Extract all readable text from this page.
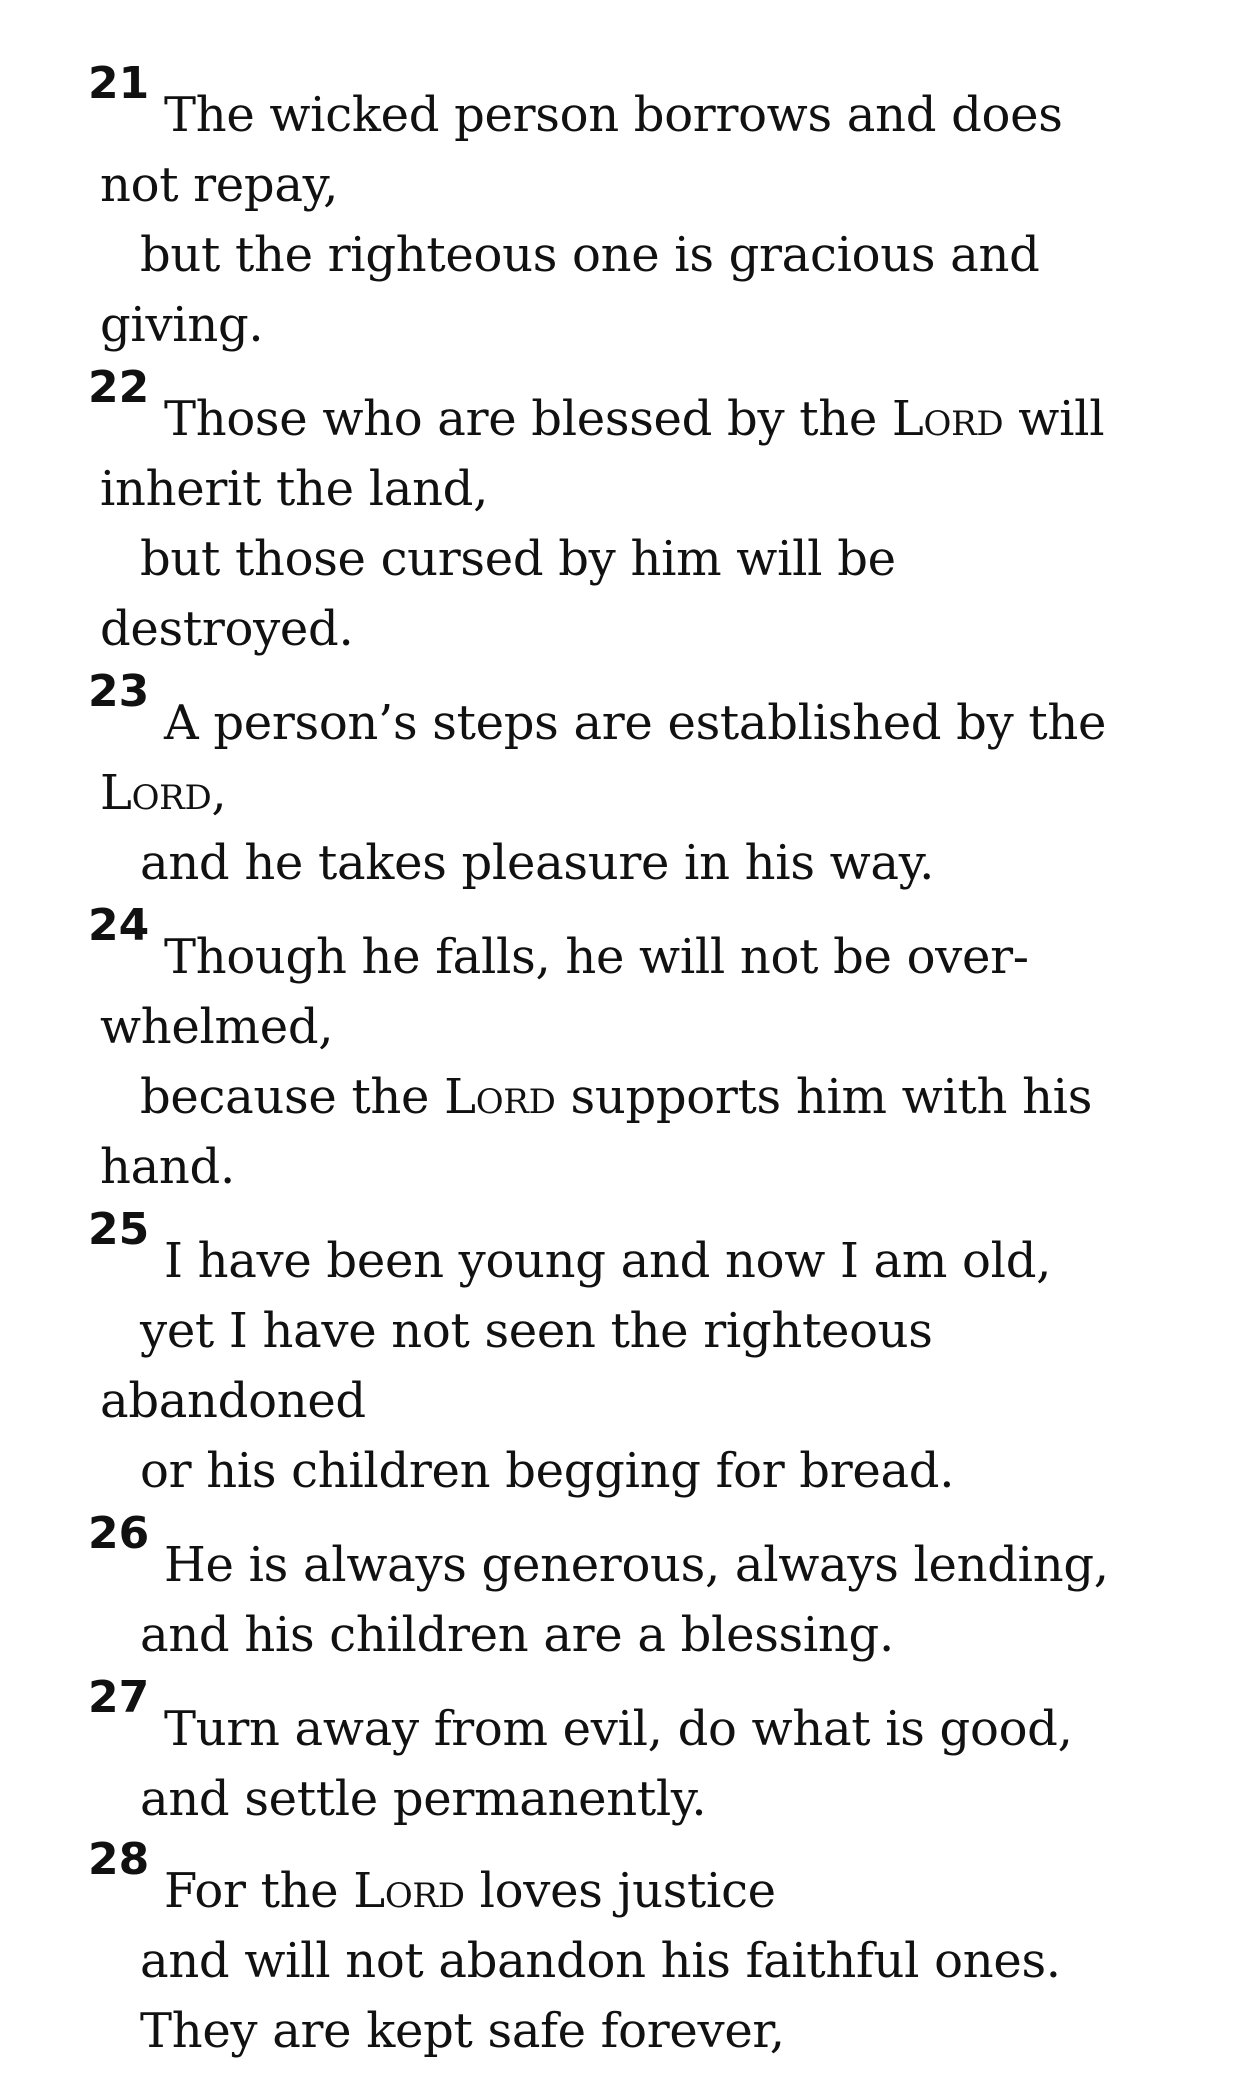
21
The wicked person borrows and does
not repay,
but the righteous one is gracious and
giving.
22
Those who are blessed by the Lord will
inherit the land,
but those cursed by him will be
destroyed.
23
A person’s steps are established by the
Lord,
and he takes pleasure in his way.
24
Though he falls, he will not be over-
whelmed,
because the Lord supports him with his
hand.
25
I have been young and now I am old,
yet I have not seen the righteous
abandoned
or his children begging for bread.
26
He is always generous, always lending,
and his children are a blessing.
27
Turn away from evil, do what is good,
and settle permanently.
28
For the Lord loves justice
and will not abandon his faithful ones.
They are kept safe forever,
